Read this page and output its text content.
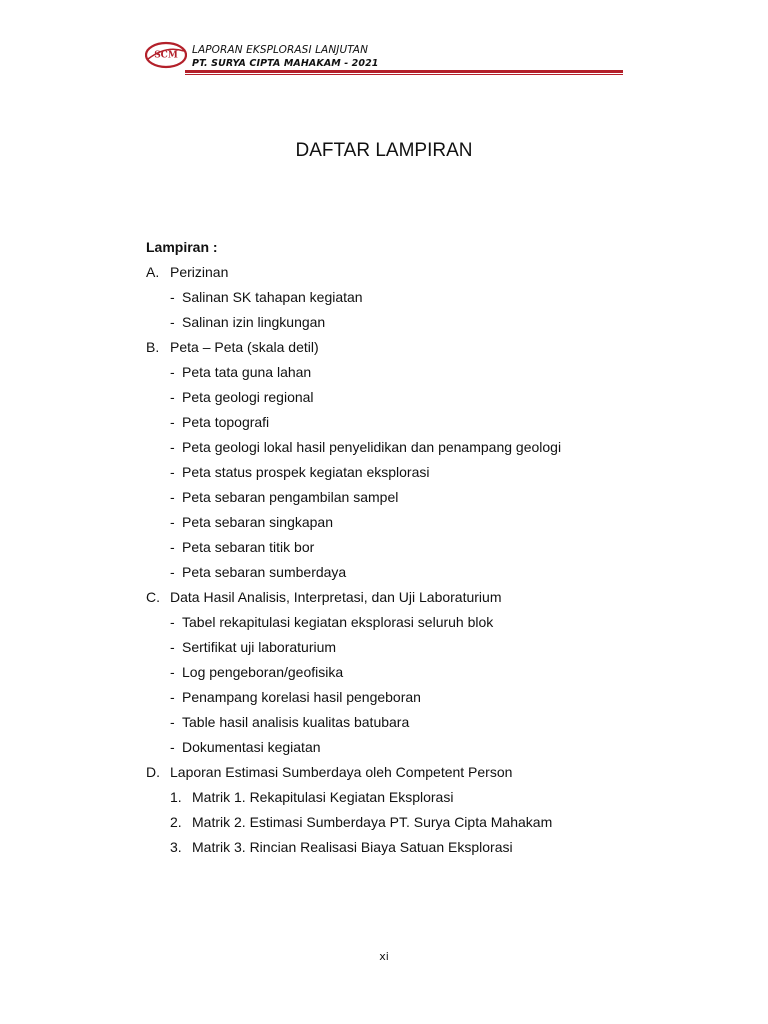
SCM LAPORAN EKSPLORASI LANJUTAN
PT. SURYA CIPTA MAHAKAM - 2021
DAFTAR LAMPIRAN
Lampiran :
A. Perizinan
- Salinan SK tahapan kegiatan
- Salinan izin lingkungan
B. Peta – Peta (skala detil)
- Peta tata guna lahan
- Peta geologi regional
- Peta topografi
- Peta geologi lokal hasil penyelidikan dan penampang geologi
- Peta status prospek kegiatan eksplorasi
- Peta sebaran pengambilan sampel
- Peta sebaran singkapan
- Peta sebaran titik bor
- Peta sebaran sumberdaya
C. Data Hasil Analisis, Interpretasi, dan Uji Laboraturium
- Tabel rekapitulasi kegiatan eksplorasi seluruh blok
- Sertifikat uji laboraturium
- Log pengeboran/geofisika
- Penampang korelasi hasil pengeboran
- Table hasil analisis kualitas batubara
- Dokumentasi kegiatan
D. Laporan Estimasi Sumberdaya oleh Competent Person
1. Matrik 1. Rekapitulasi Kegiatan Eksplorasi
2. Matrik 2. Estimasi Sumberdaya PT. Surya Cipta Mahakam
3. Matrik 3. Rincian Realisasi Biaya Satuan Eksplorasi
xi
